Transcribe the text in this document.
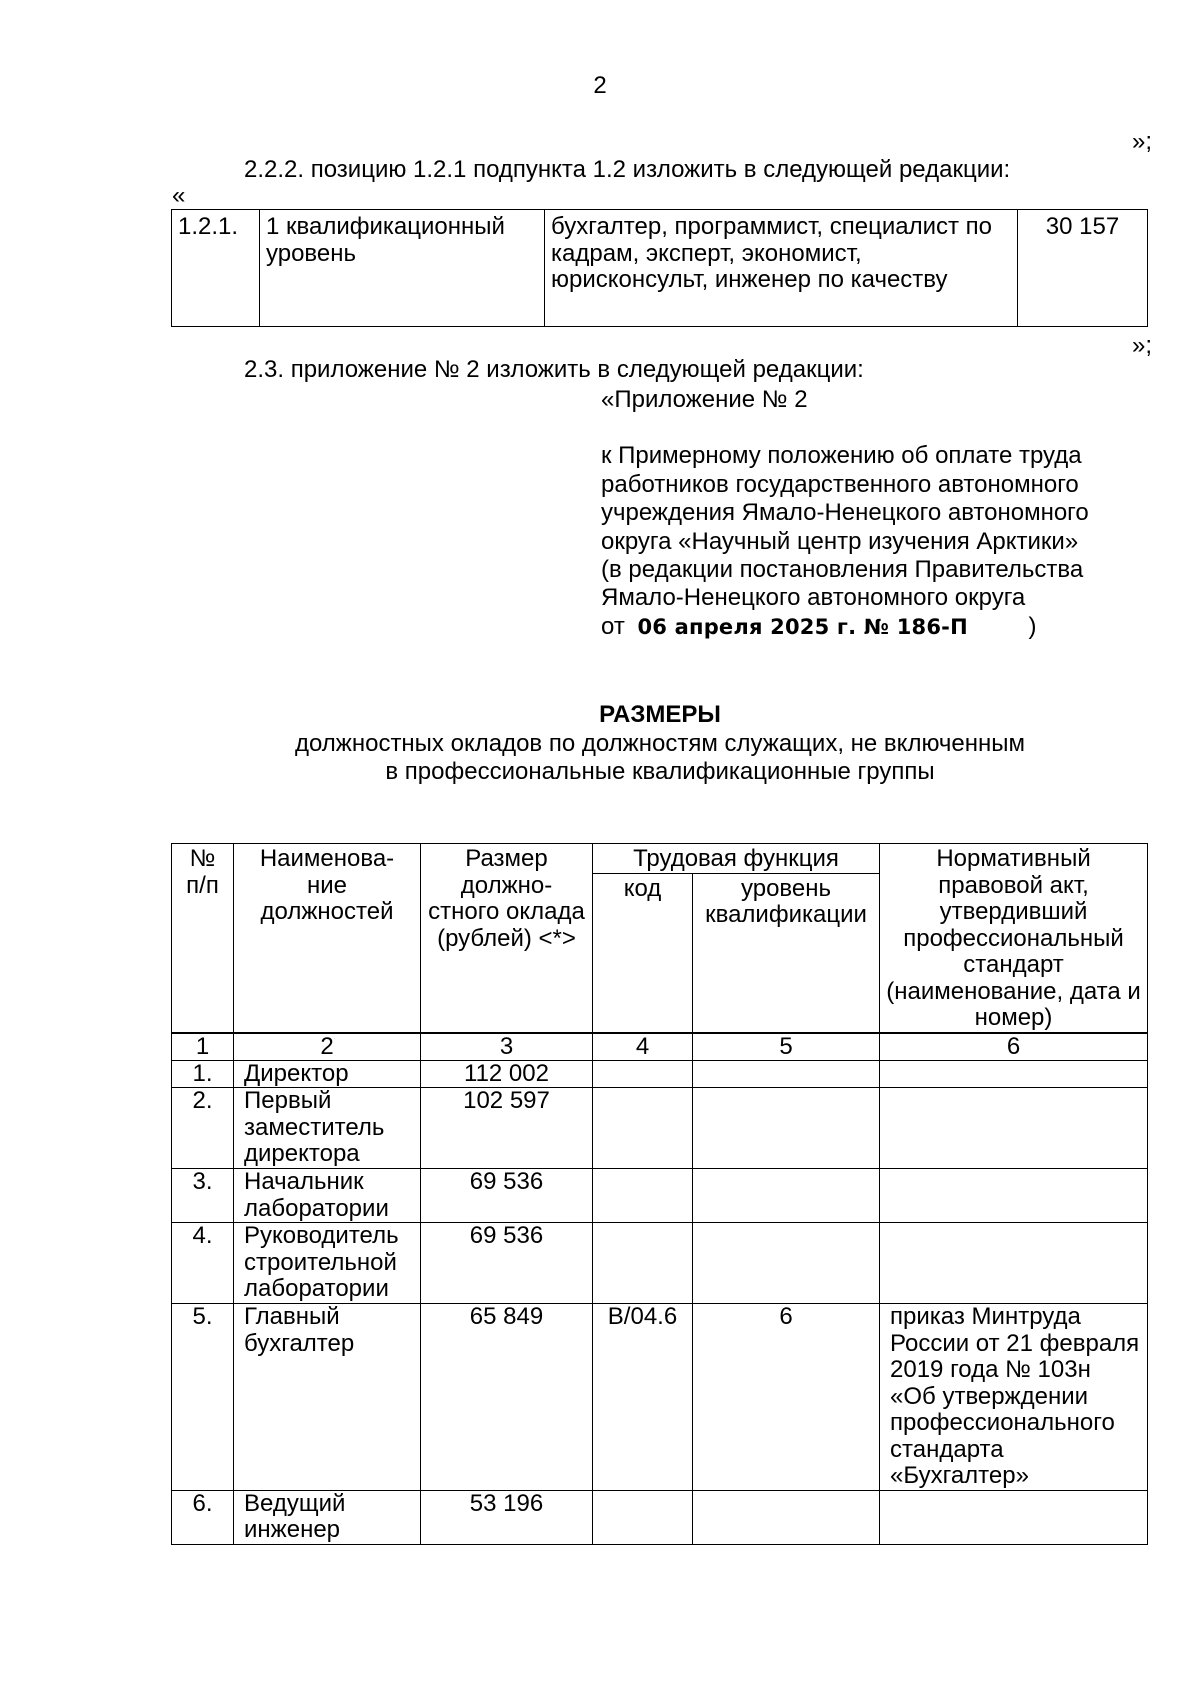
2
»;
2.2.2. позицию 1.2.1 подпункта 1.2 изложить в следующей редакции:
«
1.2.1.	1 квалификационный уровень	бухгалтер, программист, специалист по кадрам, эксперт, экономист, юрисконсульт, инженер по качеству	30 157
»;
2.3. приложение № 2 изложить в следующей редакции:
«Приложение № 2

к Примерному положению об оплате труда
работников государственного автономного
учреждения Ямало-Ненецкого автономного
округа «Научный центр изучения Арктики»
(в редакции постановления Правительства
Ямало-Ненецкого автономного округа
от 06 апреля 2025 г. № 186-П	)
РАЗМЕРЫ
должностных окладов по должностям служащих, не включенным
в профессиональные квалификационные группы
№ п/п	Наименова-ние должностей	Размер должно-стного оклада (рублей) <*>	Трудовая функция		Нормативный правовой акт, утвердивший профессиональный стандарт (наименование, дата и номер)
			код	уровень квалификации	

1	2	3	4	5	6
1.	Директор	112 002			
2.	Первый заместитель директора	102 597			
3.	Начальник лаборатории	69 536			
4.	Руководитель строительной лаборатории	69 536			
5.	Главный бухгалтер	65 849	B/04.6	6	приказ Минтруда России от 21 февраля 2019 года № 103н «Об утверждении профессионального стандарта «Бухгалтер»
6.	Ведущий инженер	53 196			
